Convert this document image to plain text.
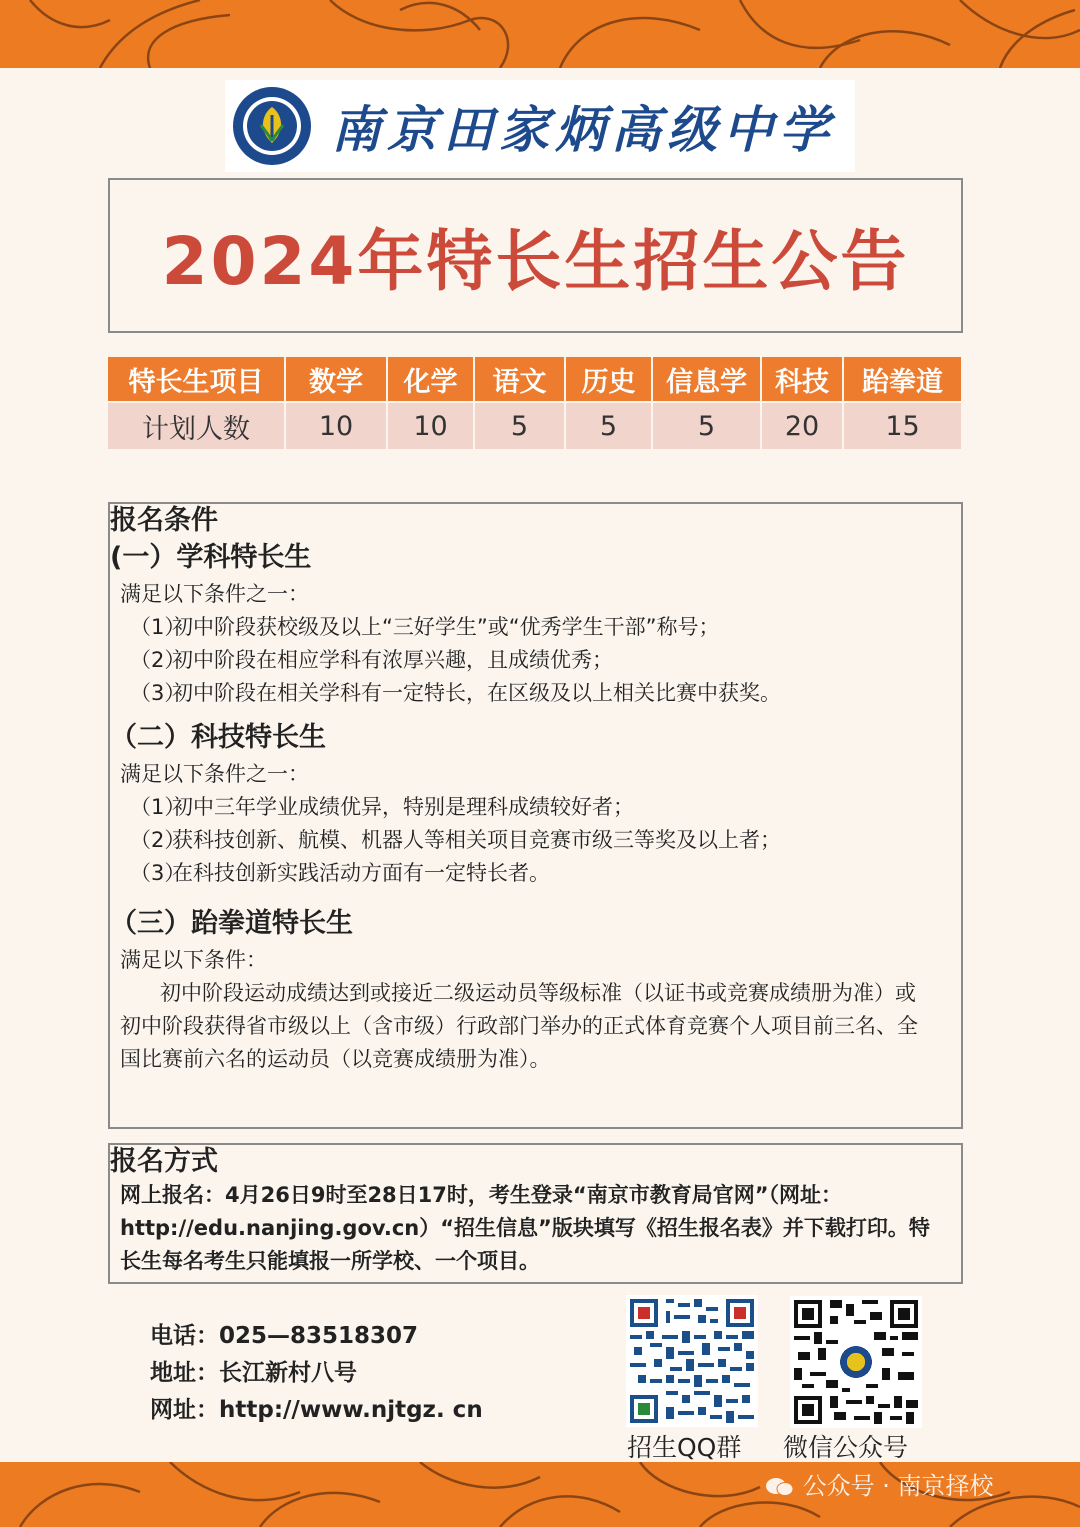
南京田家炳高级中学
2024年特长生招生公告
特长生项目	数学	化学	语文	历史	信息学	科技	跆拳道
计划人数	10	10	5	5	5	20	15
报名条件
(一）学科特长生
满足以下条件之一：
（1）初中阶段获校级及以上“三好学生”或“优秀学生干部”称号；
（2）初中阶段在相应学科有浓厚兴趣，且成绩优秀；
（3）初中阶段在相关学科有一定特长，在区级及以上相关比赛中获奖。
（二）科技特长生
满足以下条件之一：
（1）初中三年学业成绩优异，特别是理科成绩较好者；
（2）获科技创新、航模、机器人等相关项目竞赛市级三等奖及以上者；
（3）在科技创新实践活动方面有一定特长者。
（三）跆拳道特长生
满足以下条件：
初中阶段运动成绩达到或接近二级运动员等级标准（以证书或竞赛成绩册为准）或初中阶段获得省市级以上（含市级）行政部门举办的正式体育竞赛个人项目前三名、全国比赛前六名的运动员（以竞赛成绩册为准）。
报名方式
网上报名：4月26日9时至28日17时，考生登录“南京市教育局官网”（网址：http://edu.nanjing.gov.cn）“招生信息”版块填写《招生报名表》并下载打印。特长生每名考生只能填报一所学校、一个项目。
电话：025—83518307
地址：长江新村八号
网址：http://www.njtgz. cn
招生QQ群 微信公众号
公众号 · 南京择校
